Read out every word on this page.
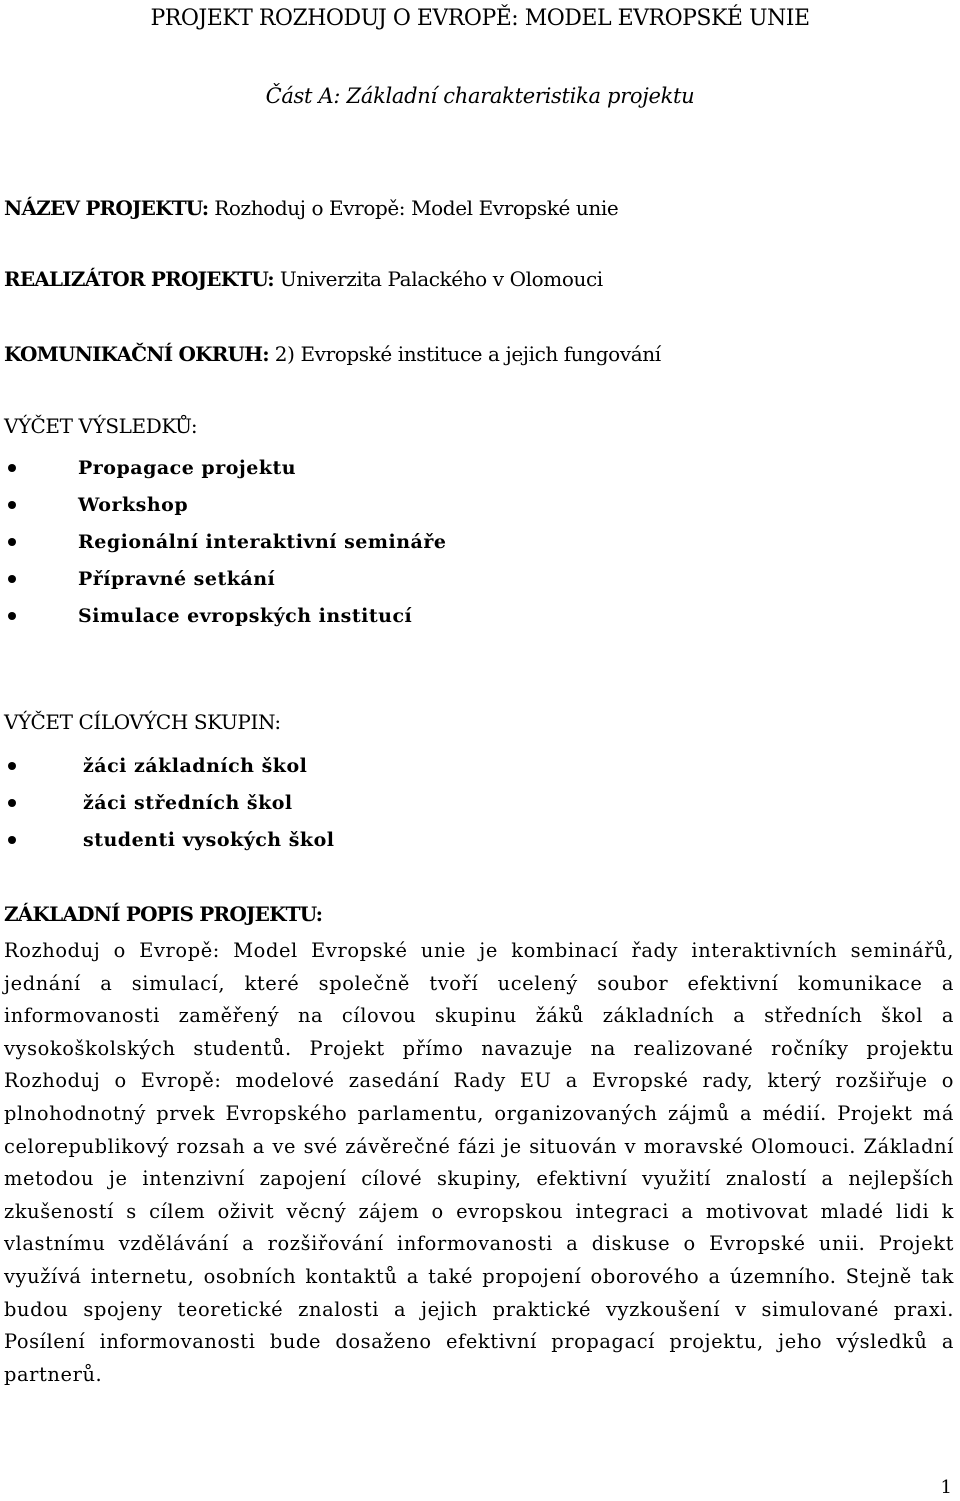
PROJEKT ROZHODUJ O EVROPĚ: MODEL EVROPSKÉ UNIE
Část A: Základní charakteristika projektu
NÁZEV PROJEKTU: Rozhoduj o Evropě: Model Evropské unie
REALIZÁTOR PROJEKTU: Univerzita Palackého v Olomouci
KOMUNIKAČNÍ OKRUH: 2) Evropské instituce a jejich fungování
VÝČET VÝSLEDKŮ:
Propagace projektu
Workshop
Regionální interaktivní semináře
Přípravné setkání
Simulace evropských institucí
VÝČET CÍLOVÝCH SKUPIN:
žáci základních škol
žáci středních škol
studenti vysokých škol
ZÁKLADNÍ POPIS PROJEKTU:

Rozhoduj o Evropě: Model Evropské unie je kombinací řady interaktivních seminářů, jednání a simulací, které společně tvoří ucelený soubor efektivní komunikace a informovanosti zaměřený na cílovou skupinu žáků základních a středních škol a vysokoškolských studentů. Projekt přímo navazuje na realizované ročníky projektu Rozhoduj o Evropě: modelové zasedání Rady EU a Evropské rady, který rozšiřuje o plnohodnotný prvek Evropského parlamentu, organizovaných zájmů a médií. Projekt má celorepublikový rozsah a ve své závěrečné fázi je situován v moravské Olomouci. Základní metodou je intenzivní zapojení cílové skupiny, efektivní využití znalostí a nejlepších zkušeností s cílem oživit věcný zájem o evropskou integraci a motivovat mladé lidi k vlastnímu vzdělávání a rozšiřování informovanosti a diskuse o Evropské unii. Projekt využívá internetu, osobních kontaktů a také propojení oborového a územního. Stejně tak budou spojeny teoretické znalosti a jejich praktické vyzkoušení v simulované praxi. Posílení informovanosti bude dosaženo efektivní propagací projektu, jeho výsledků a partnerů.

1
